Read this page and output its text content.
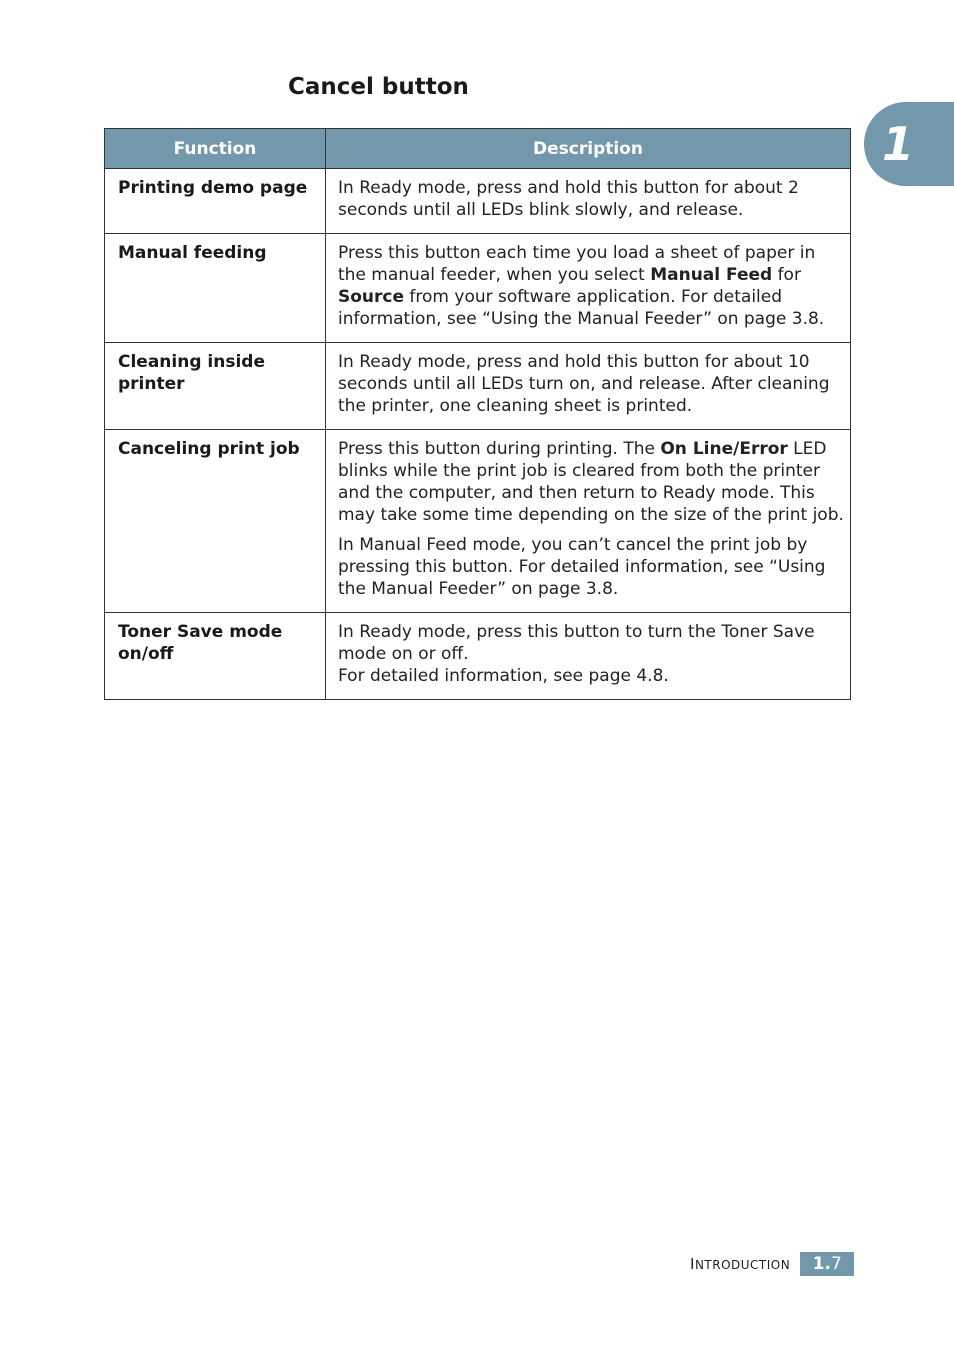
Cancel button
1
Function	Description
Printing demo page	In Ready mode, press and hold this button for about 2 seconds until all LEDs blink slowly, and release.

Manual feeding	Press this button each time you load a sheet of paper in the manual feeder, when you select Manual Feed for Source from your software application. For detailed information, see “Using the Manual Feeder” on page 3.8.

Cleaning inside printer	In Ready mode, press and hold this button for about 10 seconds until all LEDs turn on, and release. After cleaning the printer, one cleaning sheet is printed.

Canceling print job	Press this button during printing. The On Line/Error LED blinks while the print job is cleared from both the printer and the computer, and then return to Ready mode. This may take some time depending on the size of the print job.

In Manual Feed mode, you can’t cancel the print job by pressing this button. For detailed information, see “Using the Manual Feeder” on page 3.8.

Toner Save mode on/off	In Ready mode, press this button to turn the Toner Save mode on or off.
For detailed information, see page 4.8.
INTRODUCTION 1. 7
